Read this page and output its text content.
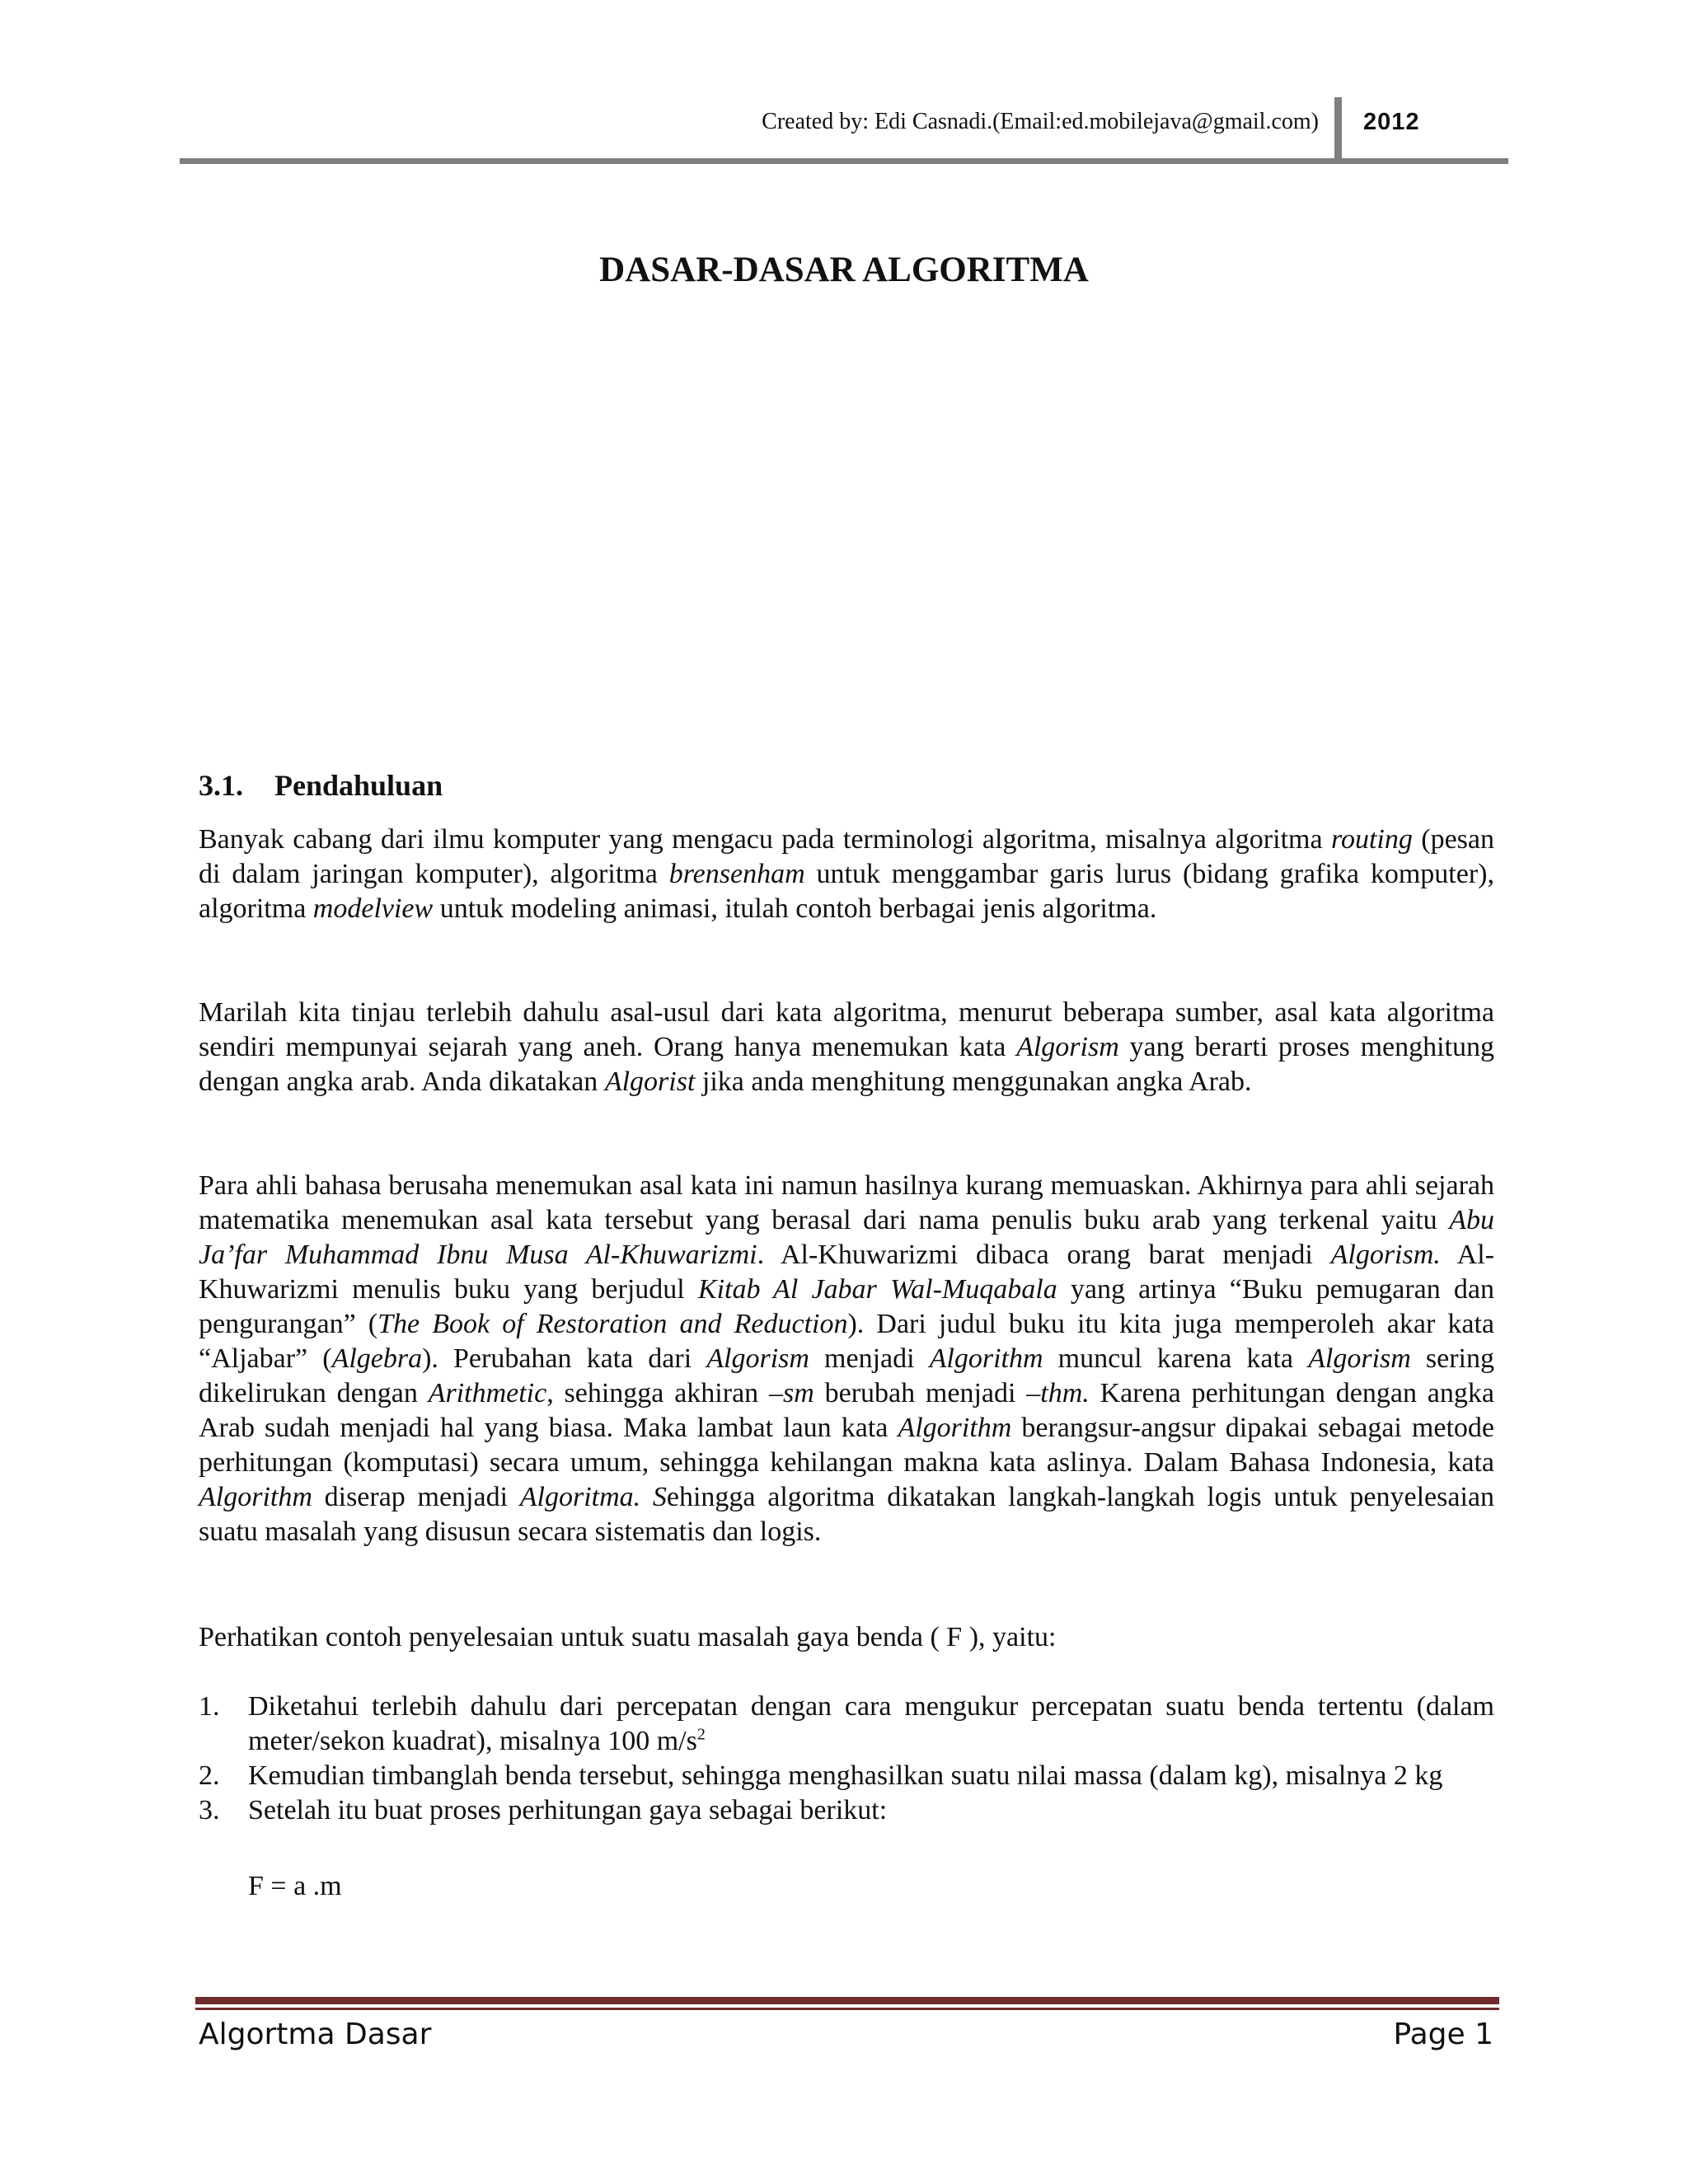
Created by: Edi Casnadi.(Email:ed.mobilejava@gmail.com) 2012
DASAR-DASAR ALGORITMA
3.1. Pendahuluan

Banyak cabang dari ilmu komputer yang mengacu pada terminologi algoritma, misalnya algoritma routing (pesan di dalam jaringan komputer), algoritma brensenham untuk menggambar garis lurus (bidang grafika komputer), algoritma modelview untuk modeling animasi, itulah contoh berbagai jenis algoritma.

Marilah kita tinjau terlebih dahulu asal-usul dari kata algoritma, menurut beberapa sumber, asal kata algoritma sendiri mempunyai sejarah yang aneh. Orang hanya menemukan kata Algorism yang berarti proses menghitung dengan angka arab. Anda dikatakan Algorist jika anda menghitung menggunakan angka Arab.

Para ahli bahasa berusaha menemukan asal kata ini namun hasilnya kurang memuaskan. Akhirnya para ahli sejarah matematika menemukan asal kata tersebut yang berasal dari nama penulis buku arab yang terkenal yaitu Abu Ja’far Muhammad Ibnu Musa Al-Khuwarizmi. Al-Khuwarizmi dibaca orang barat menjadi Algorism. Al-Khuwarizmi menulis buku yang berjudul Kitab Al Jabar Wal-Muqabala yang artinya “Buku pemugaran dan pengurangan” (The Book of Restoration and Reduction). Dari judul buku itu kita juga memperoleh akar kata “Aljabar” (Algebra). Perubahan kata dari Algorism menjadi Algorithm muncul karena kata Algorism sering dikelirukan dengan Arithmetic, sehingga akhiran –sm berubah menjadi –thm. Karena perhitungan dengan angka Arab sudah menjadi hal yang biasa. Maka lambat laun kata Algorithm berangsur-angsur dipakai sebagai metode perhitungan (komputasi) secara umum, sehingga kehilangan makna kata aslinya. Dalam Bahasa Indonesia, kata Algorithm diserap menjadi Algoritma. Sehingga algoritma dikatakan langkah-langkah logis untuk penyelesaian suatu masalah yang disusun secara sistematis dan logis.

Perhatikan contoh penyelesaian untuk suatu masalah gaya benda ( F ), yaitu:

1. Diketahui terlebih dahulu dari percepatan dengan cara mengukur percepatan suatu benda tertentu (dalam meter/sekon kuadrat), misalnya 100 $m/s^2$
2. Kemudian timbanglah benda tersebut, sehingga menghasilkan suatu nilai massa (dalam kg), misalnya 2 kg
3. Setelah itu buat proses perhitungan gaya sebagai berikut:
F = a .m
Algortma Dasar	Page 1
